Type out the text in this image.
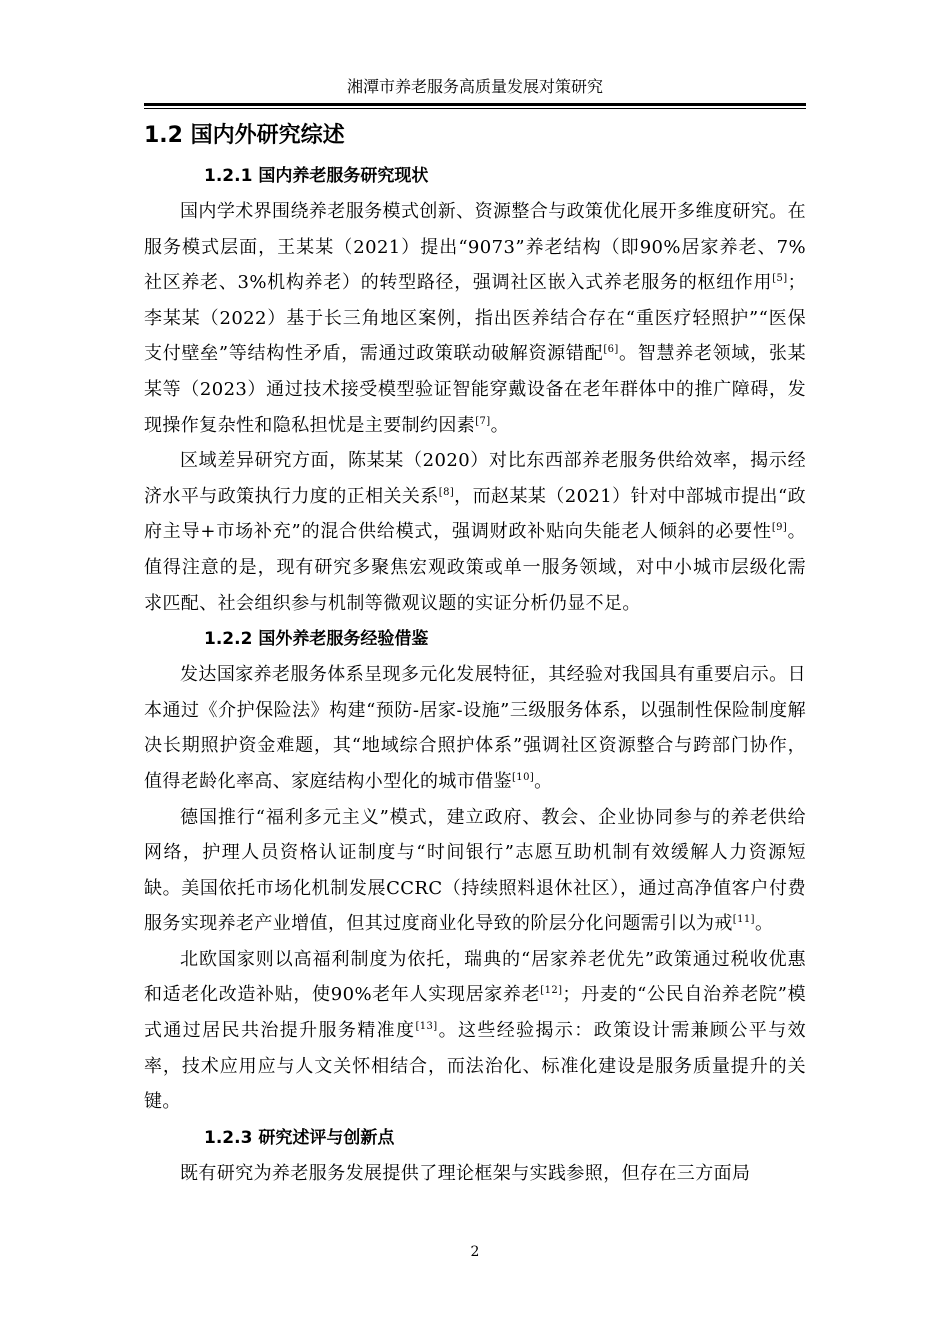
湘潭市养老服务高质量发展对策研究
1.2 国内外研究综述
1.2.1 国内养老服务研究现状

国内学术界围绕养老服务模式创新、资源整合与政策优化展开多维度研究。在服务模式层面，王某某（2021）提出“9073”养老结构（即90%居家养老、7%社区养老、3%机构养老）的转型路径，强调社区嵌入式养老服务的枢纽作用[5]；李某某（2022）基于长三角地区案例，指出医养结合存在“重医疗轻照护”“医保支付壁垒”等结构性矛盾，需通过政策联动破解资源错配[6]。智慧养老领域，张某某等（2023）通过技术接受模型验证智能穿戴设备在老年群体中的推广障碍，发现操作复杂性和隐私担忧是主要制约因素[7]。

区域差异研究方面，陈某某（2020）对比东西部养老服务供给效率，揭示经济水平与政策执行力度的正相关关系[8]，而赵某某（2021）针对中部城市提出“政府主导+市场补充”的混合供给模式，强调财政补贴向失能老人倾斜的必要性[9]。值得注意的是，现有研究多聚焦宏观政策或单一服务领域，对中小城市层级化需求匹配、社会组织参与机制等微观议题的实证分析仍显不足。

1.2.2 国外养老服务经验借鉴

发达国家养老服务体系呈现多元化发展特征，其经验对我国具有重要启示。日本通过《介护保险法》构建“预防-居家-设施”三级服务体系，以强制性保险制度解决长期照护资金难题，其“地域综合照护体系”强调社区资源整合与跨部门协作，值得老龄化率高、家庭结构小型化的城市借鉴[10]。

德国推行“福利多元主义”模式，建立政府、教会、企业协同参与的养老供给网络，护理人员资格认证制度与“时间银行”志愿互助机制有效缓解人力资源短缺。美国依托市场化机制发展CCRC（持续照料退休社区），通过高净值客户付费服务实现养老产业增值，但其过度商业化导致的阶层分化问题需引以为戒[11]。

北欧国家则以高福利制度为依托，瑞典的“居家养老优先”政策通过税收优惠和适老化改造补贴，使90%老年人实现居家养老[12]；丹麦的“公民自治养老院”模式通过居民共治提升服务精准度[13]。这些经验揭示：政策设计需兼顾公平与效率，技术应用应与人文关怀相结合，而法治化、标准化建设是服务质量提升的关键。

1.2.3 研究述评与创新点

既有研究为养老服务发展提供了理论框架与实践参照，但存在三方面局

2
